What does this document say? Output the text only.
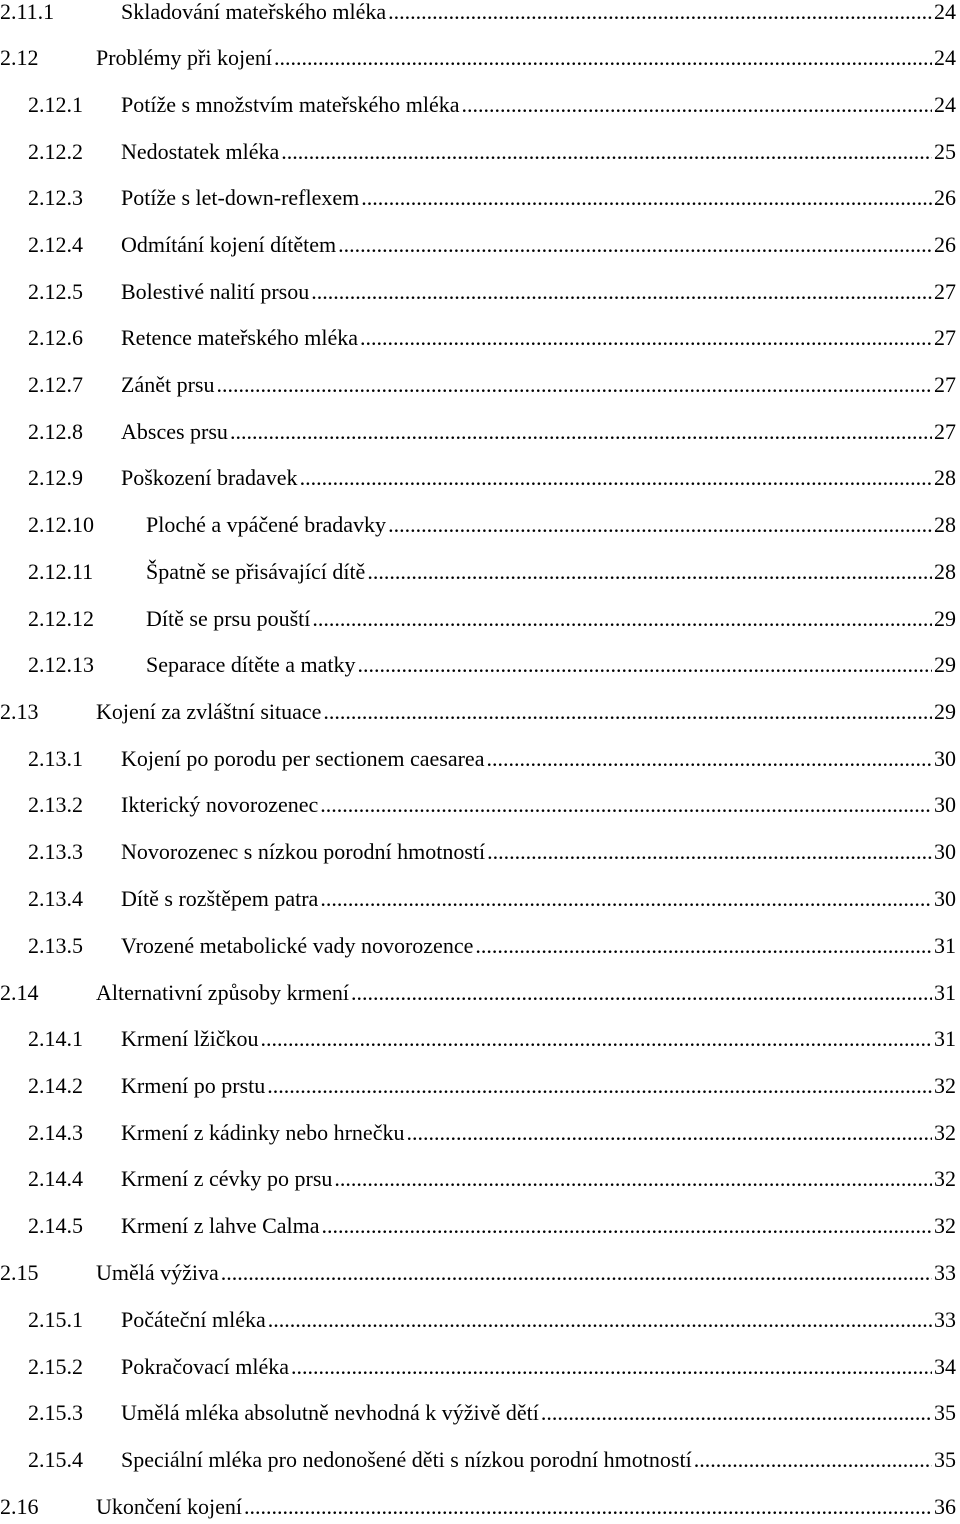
2.11.1	Skladování mateřského mléka .....	24
2.12	Problémy při kojení .....	24
2.12.1 Potíže s množstvím mateřského mléka .....	24
2.12.2 Nedostatek mléka .....	25
2.12.3 Potíže s let-down-reflexem .....	26
2.12.4 Odmítání kojení dítětem .....	26
2.12.5 Bolestivé nalití prsou .....	27
2.12.6 Retence mateřského mléka .....	27
2.12.7 Zánět prsu .....	27
2.12.8 Absces prsu .....	27
2.12.9 Poškození bradavek .....	28
2.12.10 Ploché a vpáčené bradavky .....	28
2.12.11 Špatně se přisávající dítě .....	28
2.12.12 Dítě se prsu pouští .....	29
2.12.13 Separace dítěte a matky .....	29
2.13	Kojení za zvláštní situace .....	29
2.13.1 Kojení po porodu per sectionem caesarea .....	30
2.13.2 Ikterický novorozenec .....	30
2.13.3 Novorozenec s nízkou porodní hmotností .....	30
2.13.4 Dítě s rozštěpem patra .....	30
2.13.5 Vrozené metabolické vady novorozence .....	31
2.14	Alternativní způsoby krmení .....	31
2.14.1 Krmení lžičkou .....	31
2.14.2 Krmení po prstu .....	32
2.14.3 Krmení z kádinky nebo hrnečku .....	32
2.14.4 Krmení z cévky po prsu .....	32
2.14.5 Krmení z lahve Calma .....	32
2.15	Umělá výživa .....	33
2.15.1 Počáteční mléka .....	33
2.15.2 Pokračovací mléka .....	34
2.15.3 Umělá mléka absolutně nevhodná k výživě dětí .....	35
2.15.4 Speciální mléka pro nedonošené děti s nízkou porodní hmotností .....	35
2.16	Ukončení kojení .....	36
